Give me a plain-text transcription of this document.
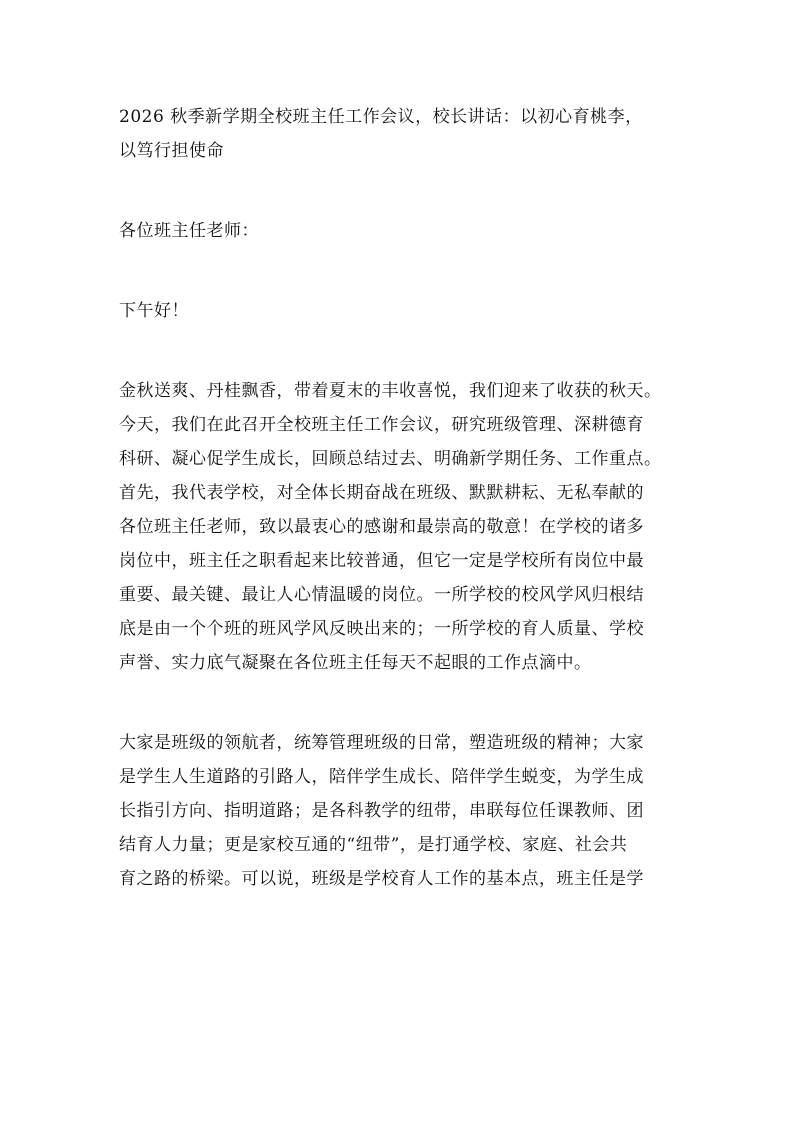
2026 秋季新学期全校班主任工作会议，校长讲话：以初心育桃李，
以笃行担使命

各位班主任老师：

下午好！

金秋送爽、丹桂飘香，带着夏末的丰收喜悦，我们迎来了收获的秋天。
今天，我们在此召开全校班主任工作会议，研究班级管理、深耕德育
科研、凝心促学生成长，回顾总结过去、明确新学期任务、工作重点。
首先，我代表学校，对全体长期奋战在班级、默默耕耘、无私奉献的
各位班主任老师，致以最衷心的感谢和最崇高的敬意！在学校的诸多
岗位中，班主任之职看起来比较普通，但它一定是学校所有岗位中最
重要、最关键、最让人心情温暖的岗位。一所学校的校风学风归根结
底是由一个个班的班风学风反映出来的；一所学校的育人质量、学校
声誉、实力底气凝聚在各位班主任每天不起眼的工作点滴中。

大家是班级的领航者，统筹管理班级的日常，塑造班级的精神；大家
是学生人生道路的引路人，陪伴学生成长、陪伴学生蜕变，为学生成
长指引方向、指明道路；是各科教学的纽带，串联每位任课教师、团
结育人力量；更是家校互通的“纽带”，是打通学校、家庭、社会共
育之路的桥梁。可以说，班级是学校育人工作的基本点，班主任是学
